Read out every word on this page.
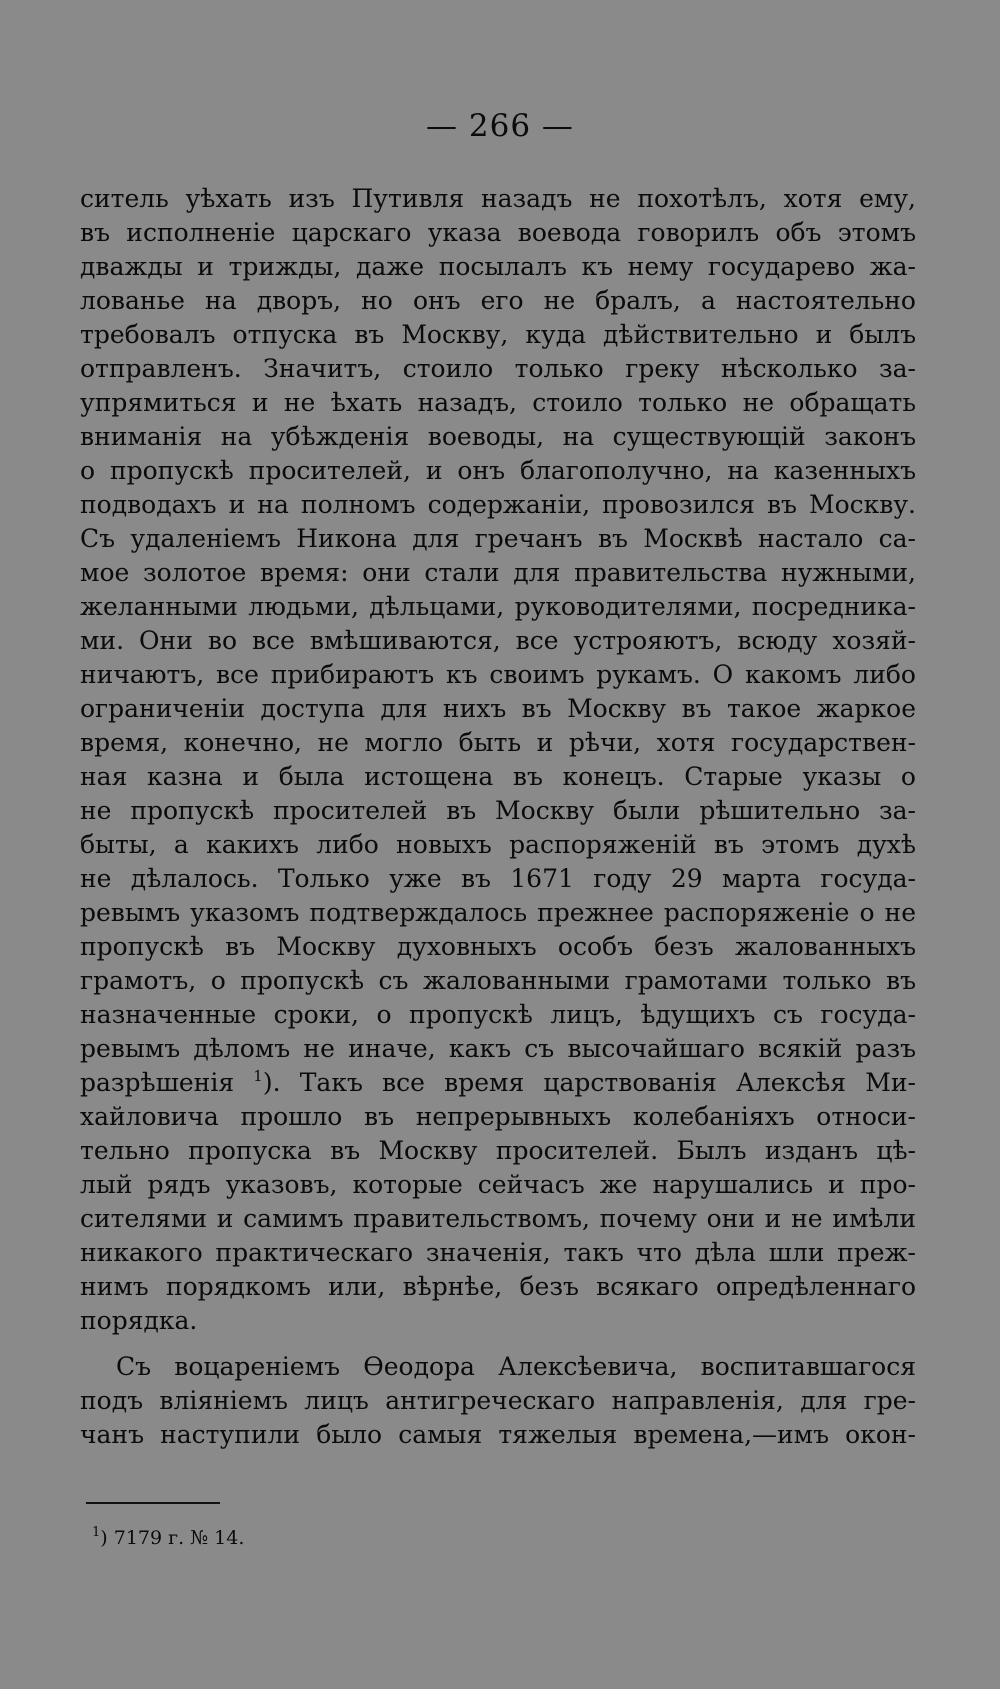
— 266 —
ситель уѣхать изъ Путивля назадъ не похотѣлъ, хотя ему,
въ исполненіе царскаго указа воевода говорилъ объ этомъ
дважды и трижды, даже посылалъ къ нему государево жа-
лованье на дворъ, но онъ его не бралъ, а настоятельно
требовалъ отпуска въ Москву, куда дѣйствительно и былъ
отправленъ. Значитъ, стоило только греку нѣсколько за-
упрямиться и не ѣхать назадъ, стоило только не обращать
вниманія на убѣжденія воеводы, на существующій законъ
о пропускѣ просителей, и онъ благополучно, на казенныхъ
подводахъ и на полномъ содержаніи, провозился въ Москву.
Съ удаленіемъ Никона для гречанъ въ Москвѣ настало са-
мое золотое время: они стали для правительства нужными,
желанными людьми, дѣльцами, руководителями, посредника-
ми. Они во все вмѣшиваются, все устрояютъ, всюду хозяй-
ничаютъ, все прибираютъ къ своимъ рукамъ. О какомъ либо
ограниченіи доступа для нихъ въ Москву въ такое жаркое
время, конечно, не могло быть и рѣчи, хотя государствен-
ная казна и была истощена въ конецъ. Старые указы о
не пропускѣ просителей въ Москву были рѣшительно за-
быты, а какихъ либо новыхъ распоряженій въ этомъ духѣ
не дѣлалось. Только уже въ 1671 году 29 марта госуда-
ревымъ указомъ подтверждалось прежнее распоряженіе о не
пропускѣ въ Москву духовныхъ особъ безъ жалованныхъ
грамотъ, о пропускѣ съ жалованными грамотами только въ
назначенные сроки, о пропускѣ лицъ, ѣдущихъ съ госуда-
ревымъ дѣломъ не иначе, какъ съ высочайшаго всякій разъ
разрѣшенія $^1$). Такъ все время царствованія Алексѣя Ми-
хайловича прошло въ непрерывныхъ колебаніяхъ относи-
тельно пропуска въ Москву просителей. Былъ изданъ цѣ-
лый рядъ указовъ, которые сейчасъ же нарушались и про-
сителями и самимъ правительствомъ, почему они и не имѣли
никакого практическаго значенія, такъ что дѣла шли преж-
нимъ порядкомъ или, вѣрнѣе, безъ всякаго опредѣленнаго
порядка.
Съ воцареніемъ Ѳеодора Алексѣевича, воспитавшагося
подъ вліяніемъ лицъ антигреческаго направленія, для гре-
чанъ наступили было самыя тяжелыя времена,—имъ окон-
$^1$) 7179 г. № 14.
